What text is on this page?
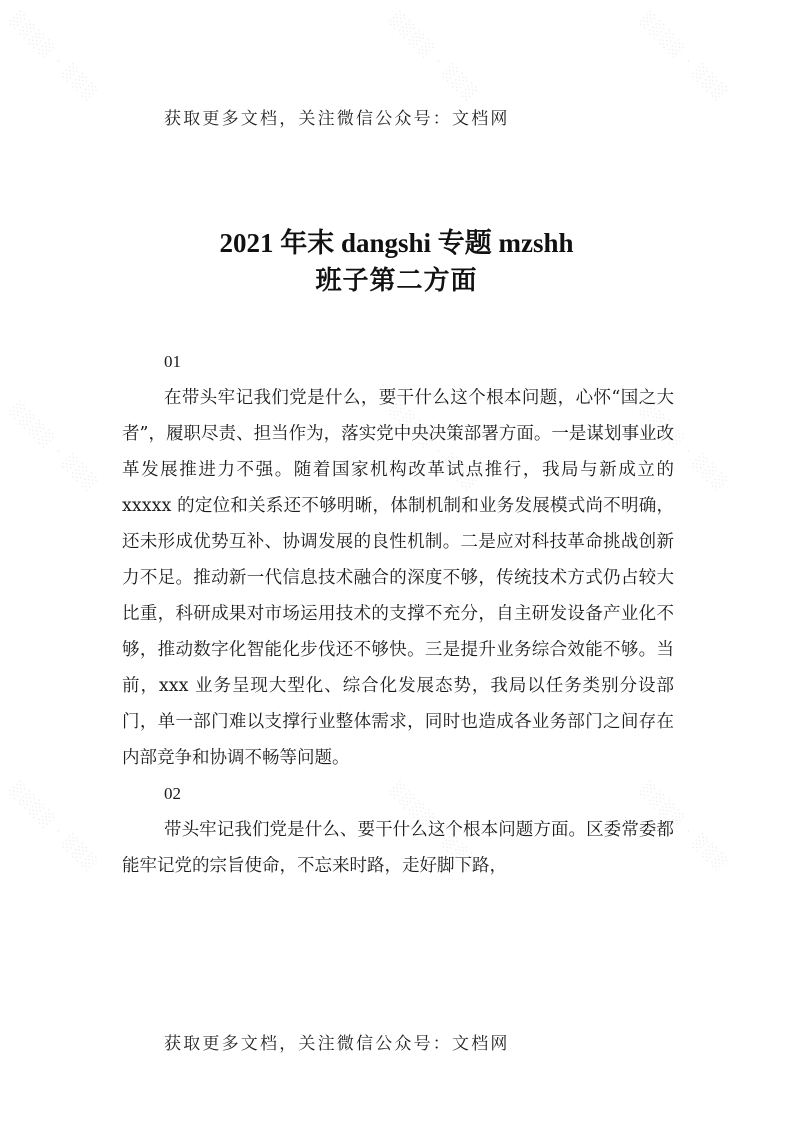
░░░░ · ░░░	░░░░ · ░░░	░░░░ · ░░░
░░░░ · ░░░	░░░░ · ░░░	░░░░ · ░░░
░░░░ · ░░░	░░░░ · ░░░	░░░░ · ░░░
获取更多文档，关注微信公众号：文档网
2021 年末 dangshi 专题 mzshh
班子第二方面

01

在带头牢记我们党是什么，要干什么这个根本问题，心怀“国之大者”，履职尽责、担当作为，落实党中央决策部署方面。一是谋划事业改革发展推进力不强。随着国家机构改革试点推行，我局与新成立的 xxxxx 的定位和关系还不够明晰，体制机制和业务发展模式尚不明确，还未形成优势互补、协调发展的良性机制。二是应对科技革命挑战创新力不足。推动新一代信息技术融合的深度不够，传统技术方式仍占较大比重，科研成果对市场运用技术的支撑不充分，自主研发设备产业化不够，推动数字化智能化步伐还不够快。三是提升业务综合效能不够。当前，xxx 业务呈现大型化、综合化发展态势，我局以任务类别分设部门，单一部门难以支撑行业整体需求，同时也造成各业务部门之间存在内部竞争和协调不畅等问题。

02

带头牢记我们党是什么、要干什么这个根本问题方面。区委常委都能牢记党的宗旨使命，不忘来时路，走好脚下路，

获取更多文档，关注微信公众号：文档网
